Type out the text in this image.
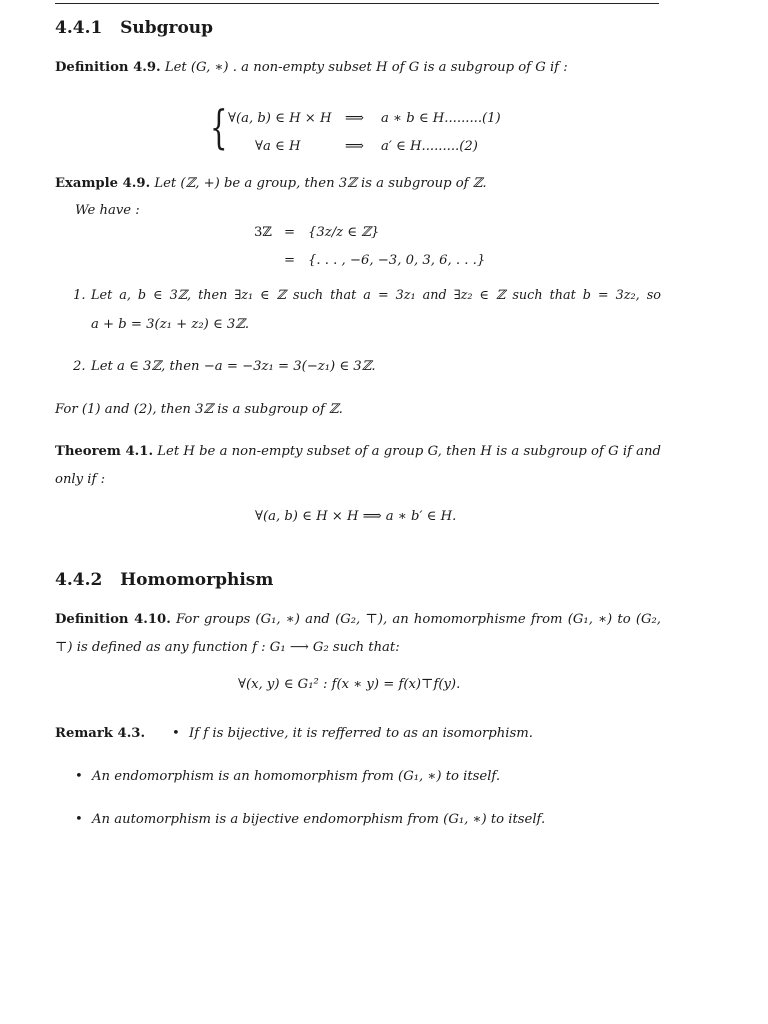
4.4.1 Subgroup
Definition 4.9. Let (G, ∗) . a non-empty subset H of G is a subgroup of G if :
{ ∀(a, b) ∈ H × H ⟹ a ∗ b ∈ H.........(1)
∀a ∈ H	⟹ a′ ∈ H.........(2)
Example 4.9. Let (ℤ, +) be a group, then 3ℤ is a subgroup of ℤ.
We have :
3ℤ = {3z/z ∈ ℤ}
= {. . . , −6, −3, 0, 3, 6, . . .}
1. Let a, b ∈ 3ℤ, then ∃z₁ ∈ ℤ such that a = 3z₁ and ∃z₂ ∈ ℤ such that b = 3z₂, so
a + b = 3(z₁ + z₂) ∈ 3ℤ.
2. Let a ∈ 3ℤ, then −a = −3z₁ = 3(−z₁) ∈ 3ℤ.
For (1) and (2), then 3ℤ is a subgroup of ℤ.
Theorem 4.1. Let H be a non-empty subset of a group G, then H is a subgroup of G if and only if :
∀(a, b) ∈ H × H ⟹ a ∗ b′ ∈ H.
4.4.2 Homomorphism
Definition 4.10. For groups (G₁, ∗) and (G₂, ⊤), an homomorphisme from (G₁, ∗) to (G₂, ⊤) is defined as any function f : G₁ ⟶ G₂ such that:
∀(x, y) ∈ G₁² : f(x ∗ y) = f(x)⊤f(y).
Remark 4.3. • If f is bijective, it is refferred to as an isomorphism.
• An endomorphism is an homomorphism from (G₁, ∗) to itself.
• An automorphism is a bijective endomorphism from (G₁, ∗) to itself.
